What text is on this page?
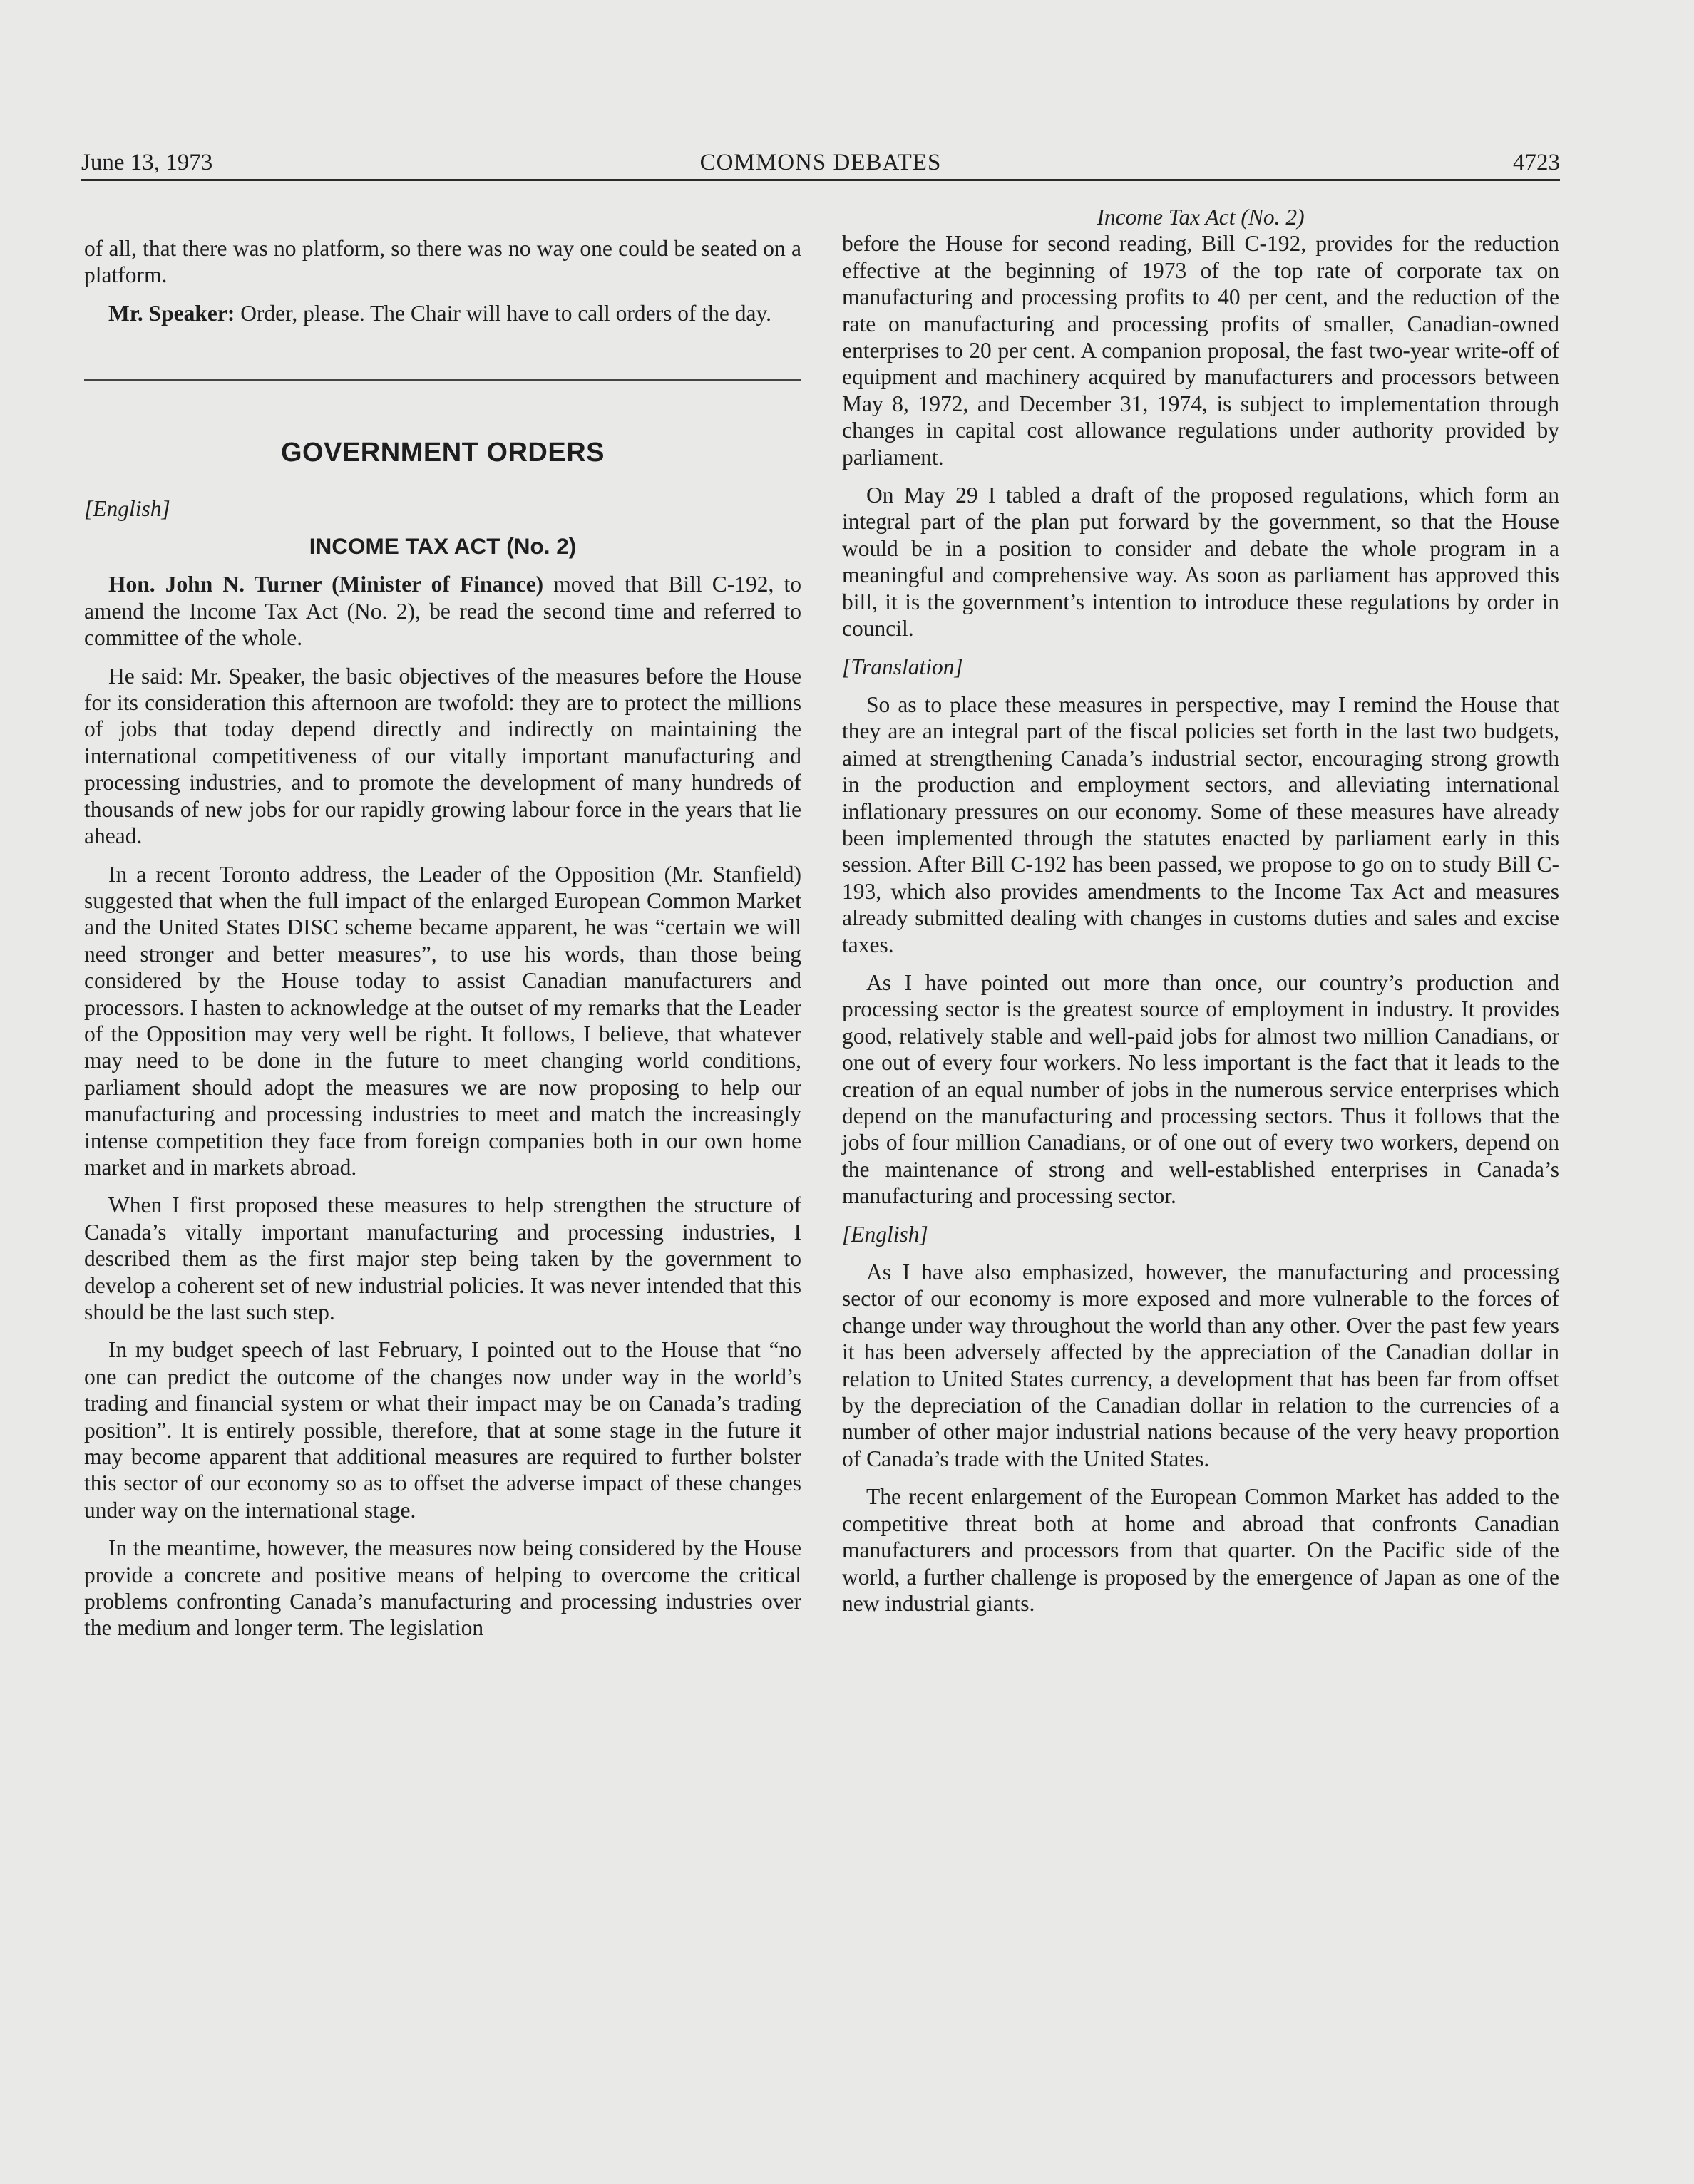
June 13, 1973	COMMONS DEBATES	4723

of all, that there was no platform, so there was no way one could be seated on a platform.

Mr. Speaker: Order, please. The Chair will have to call orders of the day.

GOVERNMENT ORDERS

[English]

INCOME TAX ACT (No. 2)

Hon. John N. Turner (Minister of Finance) moved that Bill C-192, to amend the Income Tax Act (No. 2), be read the second time and referred to committee of the whole.

He said: Mr. Speaker, the basic objectives of the measures before the House for its consideration this afternoon are twofold: they are to protect the millions of jobs that today depend directly and indirectly on maintaining the international competitiveness of our vitally important manufacturing and processing industries, and to promote the development of many hundreds of thousands of new jobs for our rapidly growing labour force in the years that lie ahead.

In a recent Toronto address, the Leader of the Opposition (Mr. Stanfield) suggested that when the full impact of the enlarged European Common Market and the United States DISC scheme became apparent, he was “certain we will need stronger and better measures”, to use his words, than those being considered by the House today to assist Canadian manufacturers and processors. I hasten to acknowledge at the outset of my remarks that the Leader of the Opposition may very well be right. It follows, I believe, that whatever may need to be done in the future to meet changing world conditions, parliament should adopt the measures we are now proposing to help our manufacturing and processing industries to meet and match the increasingly intense competition they face from foreign companies both in our own home market and in markets abroad.

When I first proposed these measures to help strengthen the structure of Canada’s vitally important manufacturing and processing industries, I described them as the first major step being taken by the government to develop a coherent set of new industrial policies. It was never intended that this should be the last such step.

In my budget speech of last February, I pointed out to the House that “no one can predict the outcome of the changes now under way in the world’s trading and financial system or what their impact may be on Canada’s trading position”. It is entirely possible, therefore, that at some stage in the future it may become apparent that additional measures are required to further bolster this sector of our economy so as to offset the adverse impact of these changes under way on the international stage.

In the meantime, however, the measures now being considered by the House provide a concrete and positive means of helping to overcome the critical problems confronting Canada’s manufacturing and processing industries over the medium and longer term. The legislation

Income Tax Act (No. 2)

before the House for second reading, Bill C-192, provides for the reduction effective at the beginning of 1973 of the top rate of corporate tax on manufacturing and processing profits to 40 per cent, and the reduction of the rate on manufacturing and processing profits of smaller, Canadian-owned enterprises to 20 per cent. A companion proposal, the fast two-year write-off of equipment and machinery acquired by manufacturers and processors between May 8, 1972, and December 31, 1974, is subject to implementation through changes in capital cost allowance regulations under authority provided by parliament.

On May 29 I tabled a draft of the proposed regulations, which form an integral part of the plan put forward by the government, so that the House would be in a position to consider and debate the whole program in a meaningful and comprehensive way. As soon as parliament has approved this bill, it is the government’s intention to introduce these regulations by order in council.

[Translation]

So as to place these measures in perspective, may I remind the House that they are an integral part of the fiscal policies set forth in the last two budgets, aimed at strengthening Canada’s industrial sector, encouraging strong growth in the production and employment sectors, and alleviating international inflationary pressures on our economy. Some of these measures have already been implemented through the statutes enacted by parliament early in this session. After Bill C-192 has been passed, we propose to go on to study Bill C-193, which also provides amendments to the Income Tax Act and measures already submitted dealing with changes in customs duties and sales and excise taxes.

As I have pointed out more than once, our country’s production and processing sector is the greatest source of employment in industry. It provides good, relatively stable and well-paid jobs for almost two million Canadians, or one out of every four workers. No less important is the fact that it leads to the creation of an equal number of jobs in the numerous service enterprises which depend on the manufacturing and processing sectors. Thus it follows that the jobs of four million Canadians, or of one out of every two workers, depend on the maintenance of strong and well-established enterprises in Canada’s manufacturing and processing sector.

[English]

As I have also emphasized, however, the manufacturing and processing sector of our economy is more exposed and more vulnerable to the forces of change under way throughout the world than any other. Over the past few years it has been adversely affected by the appreciation of the Canadian dollar in relation to United States currency, a development that has been far from offset by the depreciation of the Canadian dollar in relation to the currencies of a number of other major industrial nations because of the very heavy proportion of Canada’s trade with the United States.

The recent enlargement of the European Common Market has added to the competitive threat both at home and abroad that confronts Canadian manufacturers and processors from that quarter. On the Pacific side of the world, a further challenge is proposed by the emergence of Japan as one of the new industrial giants.
